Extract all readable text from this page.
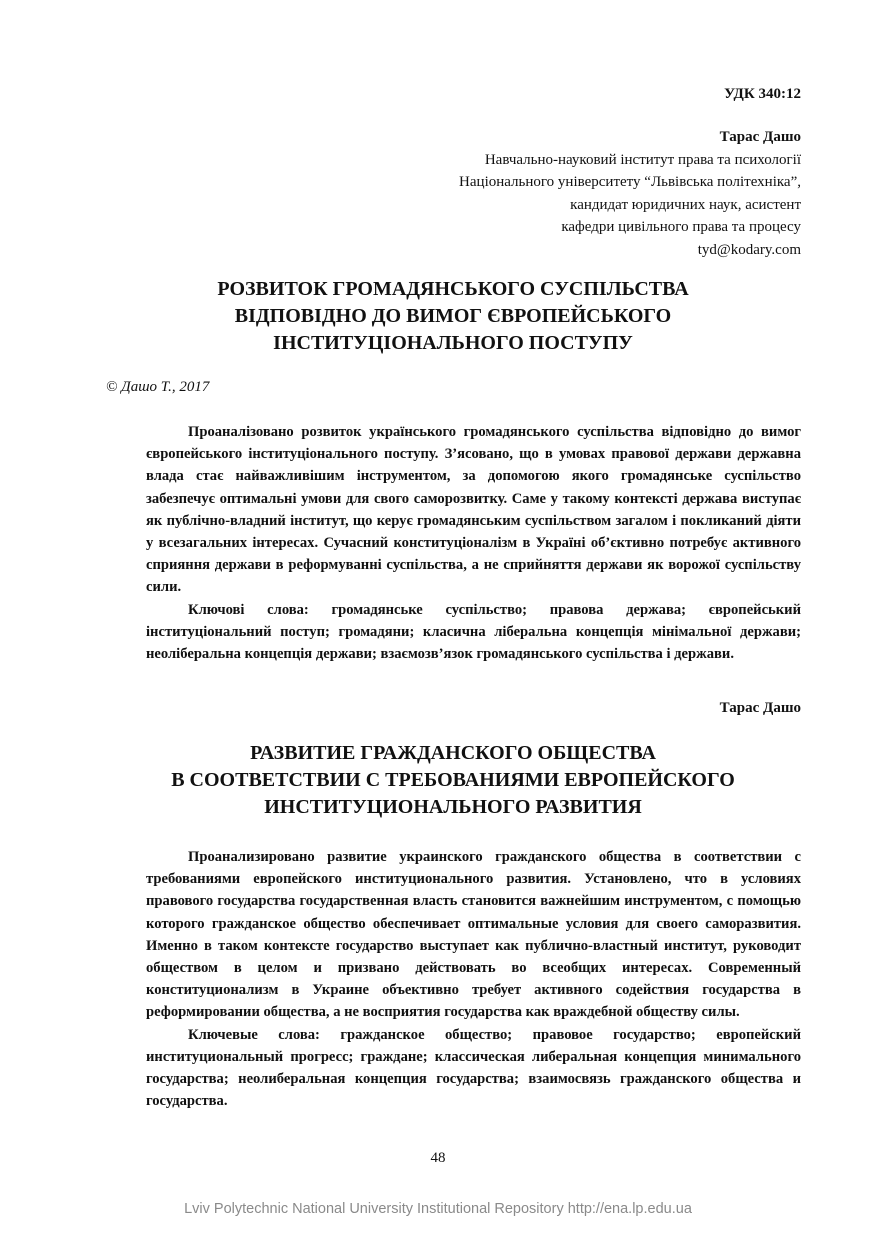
УДК 340:12
Тарас Дашо
Навчально-науковий інститут права та психології
Національного університету “Львівська політехніка”,
кандидат юридичних наук, асистент
кафедри цивільного права та процесу
tyd@kodary.com
РОЗВИТОК ГРОМАДЯНСЬКОГО СУСПІЛЬСТВА
ВІДПОВІДНО ДО ВИМОГ ЄВРОПЕЙСЬКОГО
ІНСТИТУЦІОНАЛЬНОГО ПОСТУПУ
© Дашо Т., 2017

Проаналізовано розвиток українського громадянського суспільства відповідно до вимог європейського інституціонального поступу. З’ясовано, що в умовах правової держави державна влада стає найважливішим інструментом, за допомогою якого громадянське суспільство забезпечує оптимальні умови для свого саморозвитку. Саме у такому контексті держава виступає як публічно-владний інститут, що керує громадянським суспільством загалом і покликаний діяти у всезагальних інтересах. Сучасний конституціоналізм в Україні об’єктивно потребує активного сприяння держави в реформуванні суспільства, а не сприйняття держави як ворожої суспільству сили.

Ключові слова: громадянське суспільство; правова держава; європейський інституціональний поступ; громадяни; класична ліберальна концепція мінімальної держави; неоліберальна концепція держави; взаємозв’язок громадянського суспільства і держави.

Тарас Дашо
РАЗВИТИЕ ГРАЖДАНСКОГО ОБЩЕСТВА
В СООТВЕТСТВИИ С ТРЕБОВАНИЯМИ ЕВРОПЕЙСКОГО
ИНСТИТУЦИОНАЛЬНОГО РАЗВИТИЯ

Проанализировано развитие украинского гражданского общества в соответствии с требованиями европейского институционального развития. Установлено, что в условиях правового государства государственная власть становится важнейшим инструментом, с помощью которого гражданское общество обеспечивает оптимальные условия для своего саморазвития. Именно в таком контексте государство выступает как публично-властный институт, руководит обществом в целом и призвано действовать во всеобщих интересах. Современный конституционализм в Украине объективно требует активного содействия государства в реформировании общества, а не восприятия государства как враждебной обществу силы.

Ключевые слова: гражданское общество; правовое государство; европейский институциональный прогресс; граждане; классическая либеральная концепция минимального государства; неолиберальная концепция государства; взаимосвязь гражданского общества и государства.

48
Lviv Polytechnic National University Institutional Repository http://ena.lp.edu.ua
